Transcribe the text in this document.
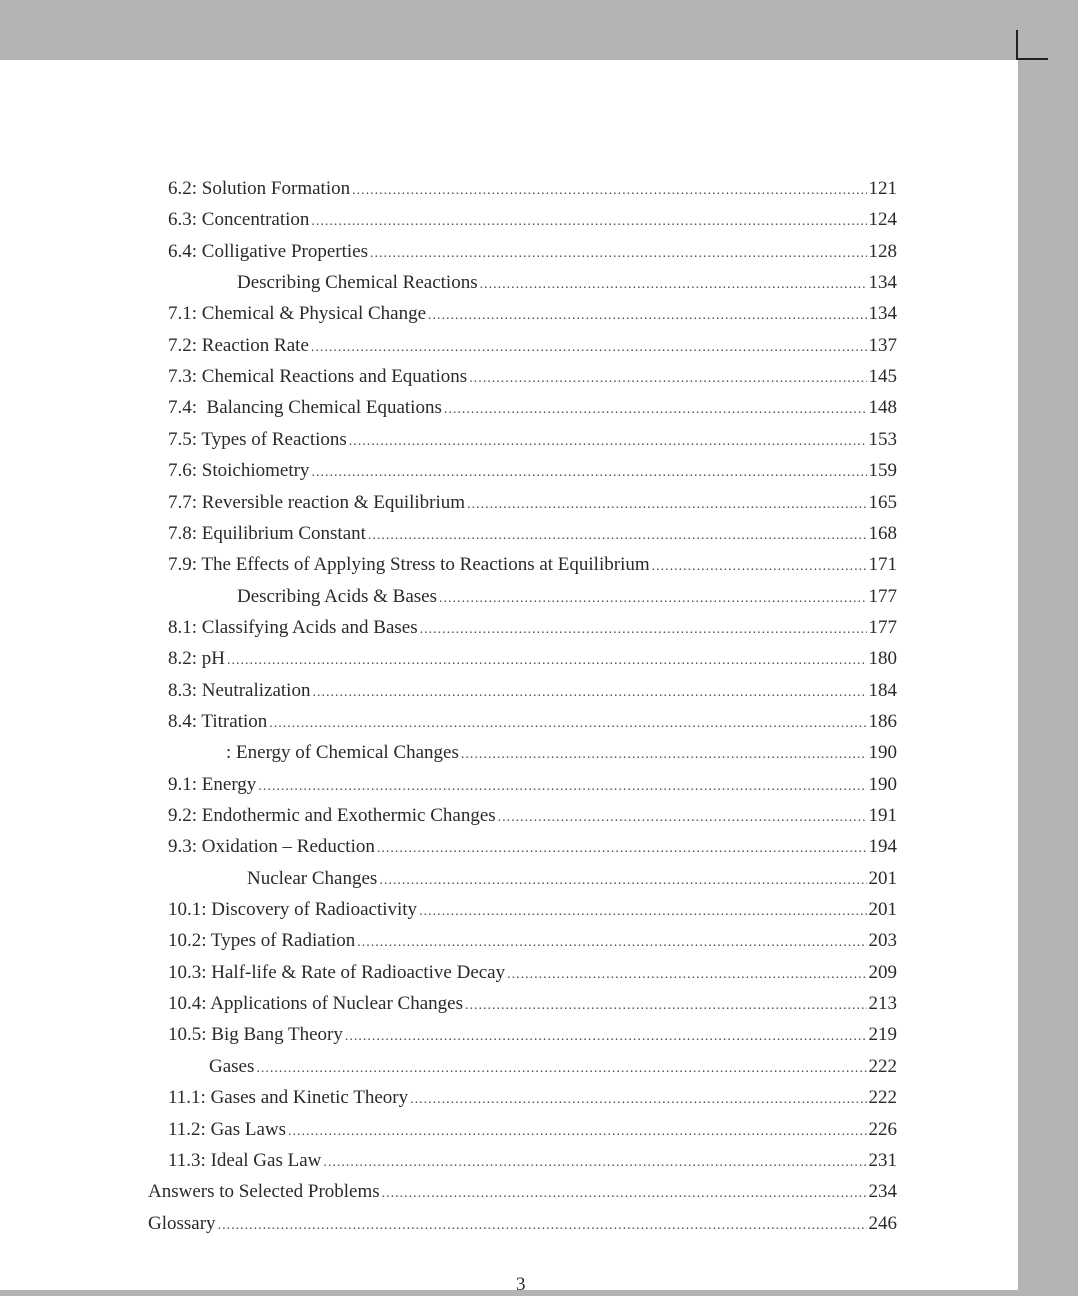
6.2: Solution Formation .....	121
6.3: Concentration .....	124
6.4: Colligative Properties .....	128
Describing Chemical Reactions .....	134
7.1: Chemical & Physical Change .....	134
7.2: Reaction Rate .....	137
7.3: Chemical Reactions and Equations .....	145
7.4:  Balancing Chemical Equations .....	148
7.5: Types of Reactions .....	153
7.6: Stoichiometry .....	159
7.7: Reversible reaction & Equilibrium .....	165
7.8: Equilibrium Constant .....	168
7.9: The Effects of Applying Stress to Reactions at Equilibrium .....	171
Describing Acids & Bases .....	177
8.1: Classifying Acids and Bases .....	177
8.2: pH .....	180
8.3: Neutralization .....	184
8.4: Titration .....	186
: Energy of Chemical Changes .....	190
9.1: Energy .....	190
9.2: Endothermic and Exothermic Changes .....	191
9.3: Oxidation – Reduction .....	194
Nuclear Changes .....	201
10.1: Discovery of Radioactivity .....	201
10.2: Types of Radiation .....	203
10.3: Half-life & Rate of Radioactive Decay .....	209
10.4: Applications of Nuclear Changes .....	213
10.5: Big Bang Theory .....	219
Gases .....	222
11.1: Gases and Kinetic Theory .....	222
11.2: Gas Laws .....	226
11.3: Ideal Gas Law .....	231
Answers to Selected Problems .....	234
Glossary .....	246
3
